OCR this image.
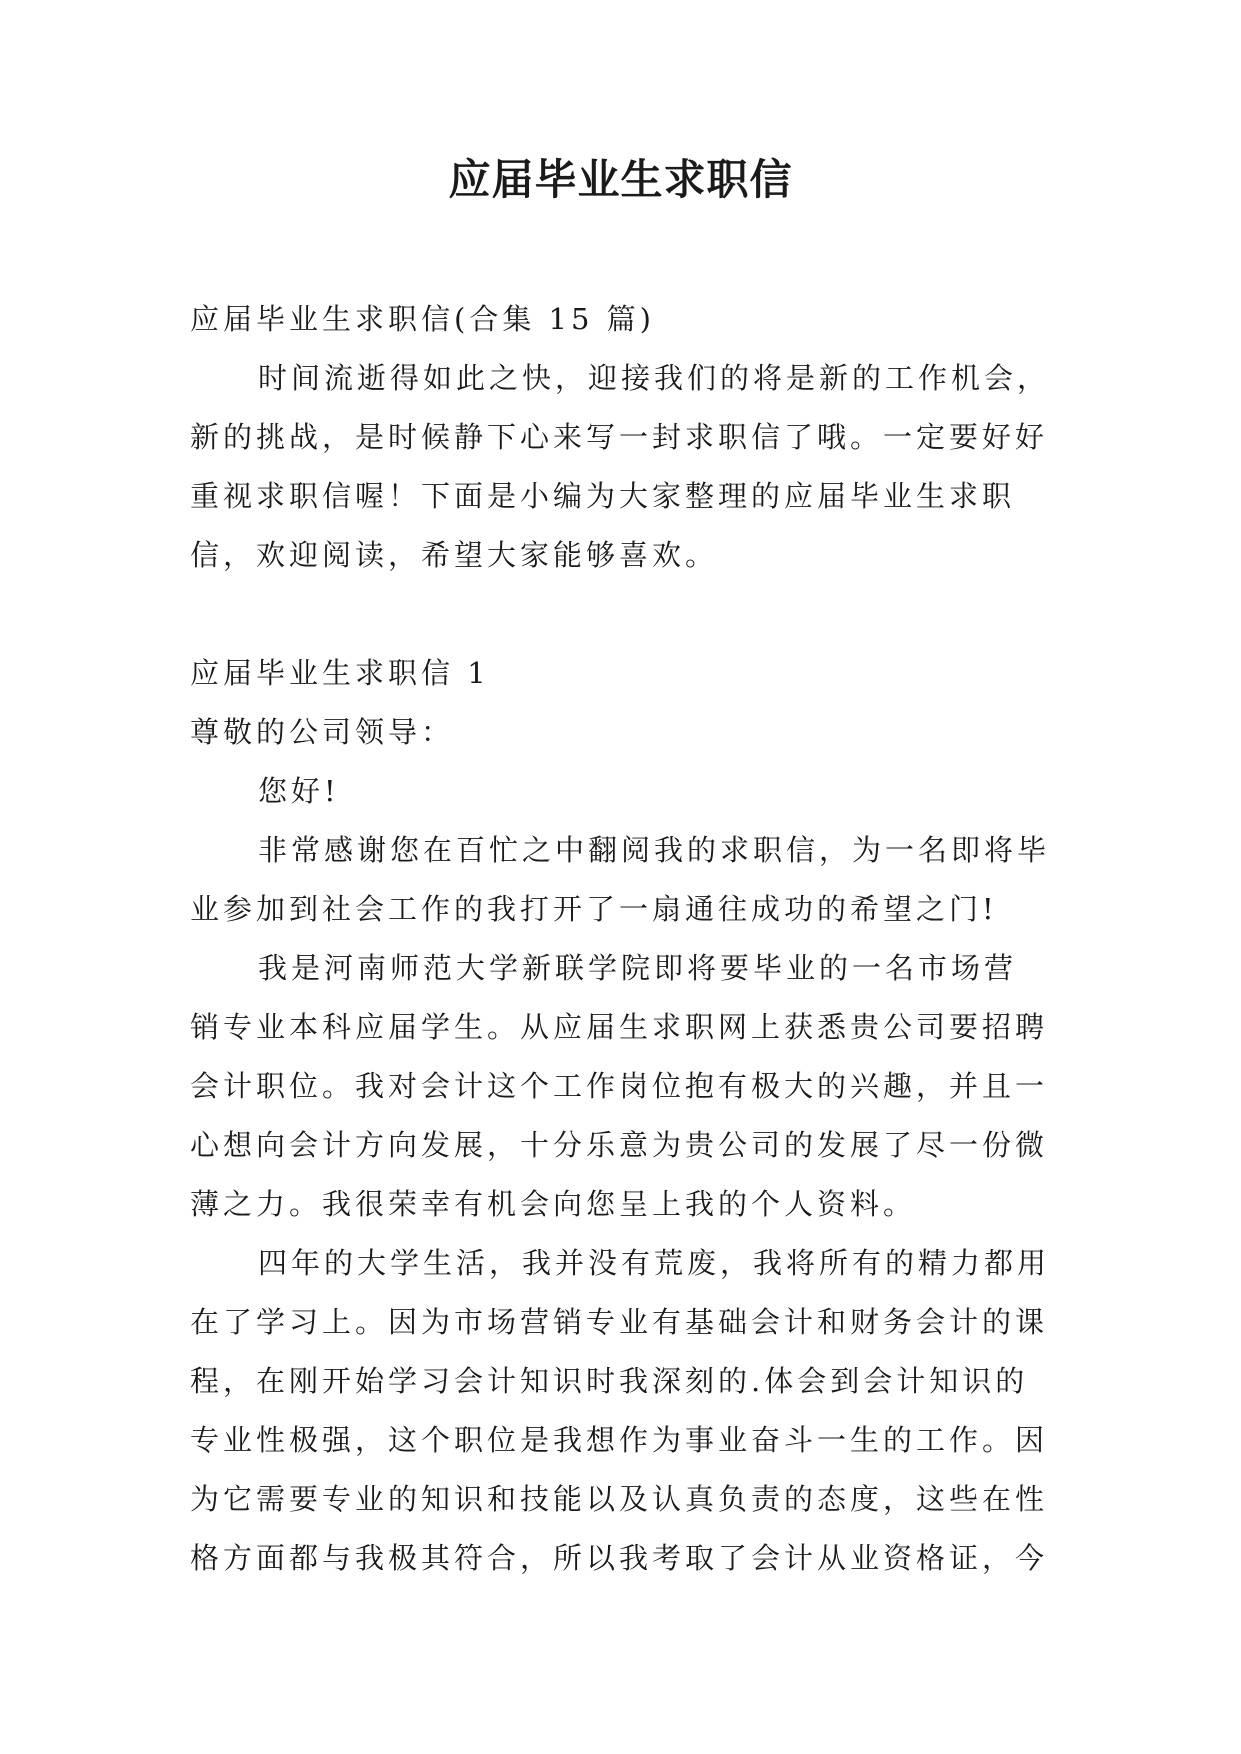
应届毕业生求职信

应届毕业生求职信(合集 15 篇)

时间流逝得如此之快，迎接我们的将是新的工作机会，

新的挑战，是时候静下心来写一封求职信了哦。一定要好好

重视求职信喔！下面是小编为大家整理的应届毕业生求职

信，欢迎阅读，希望大家能够喜欢。

应届毕业生求职信 1

尊敬的公司领导：

您好!

非常感谢您在百忙之中翻阅我的求职信，为一名即将毕

业参加到社会工作的我打开了一扇通往成功的希望之门!

我是河南师范大学新联学院即将要毕业的一名市场营

销专业本科应届学生。从应届生求职网上获悉贵公司要招聘

会计职位。我对会计这个工作岗位抱有极大的兴趣，并且一

心想向会计方向发展，十分乐意为贵公司的发展了尽一份微

薄之力。我很荣幸有机会向您呈上我的个人资料。

四年的大学生活，我并没有荒废，我将所有的精力都用

在了学习上。因为市场营销专业有基础会计和财务会计的课

程，在刚开始学习会计知识时我深刻的.体会到会计知识的

专业性极强，这个职位是我想作为事业奋斗一生的工作。因

为它需要专业的知识和技能以及认真负责的态度，这些在性

格方面都与我极其符合，所以我考取了会计从业资格证，今
